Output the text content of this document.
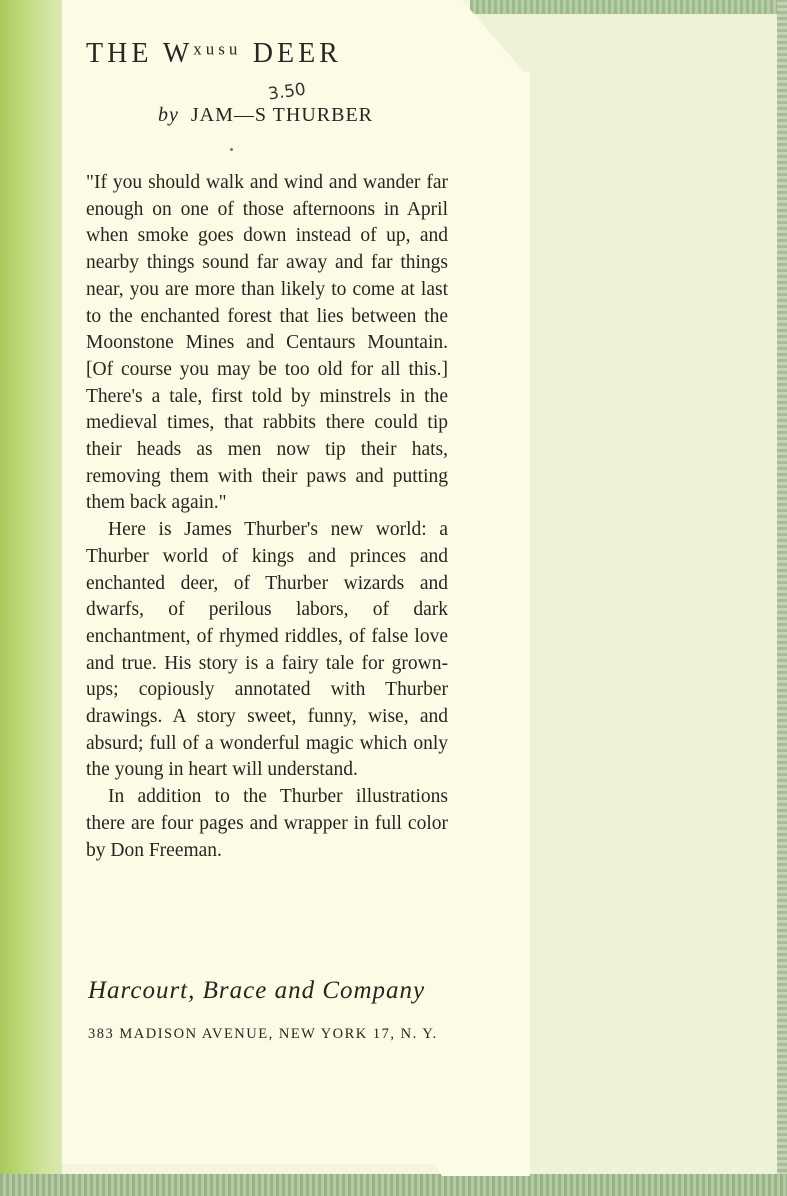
THE Wˣᵘˢᵘ DEER
by JAM—S THURBER
3.50

"If you should walk and wind and wander far enough on one of those afternoons in April when smoke goes down instead of up, and nearby things sound far away and far things near, you are more than likely to come at last to the enchanted forest that lies between the Moonstone Mines and Centaurs Mountain. [Of course you may be too old for all this.] There's a tale, first told by minstrels in the medieval times, that rabbits there could tip their heads as men now tip their hats, removing them with their paws and putting them back again."

Here is James Thurber's new world: a Thurber world of kings and princes and enchanted deer, of Thurber wizards and dwarfs, of perilous labors, of dark enchantment, of rhymed riddles, of false love and true. His story is a fairy tale for grown-ups; copiously annotated with Thurber drawings. A story sweet, funny, wise, and absurd; full of a wonderful magic which only the young in heart will understand.

In addition to the Thurber illustrations there are four pages and wrapper in full color by Don Freeman.

Harcourt, Brace and Company
383 MADISON AVENUE, NEW YORK 17, N. Y.
